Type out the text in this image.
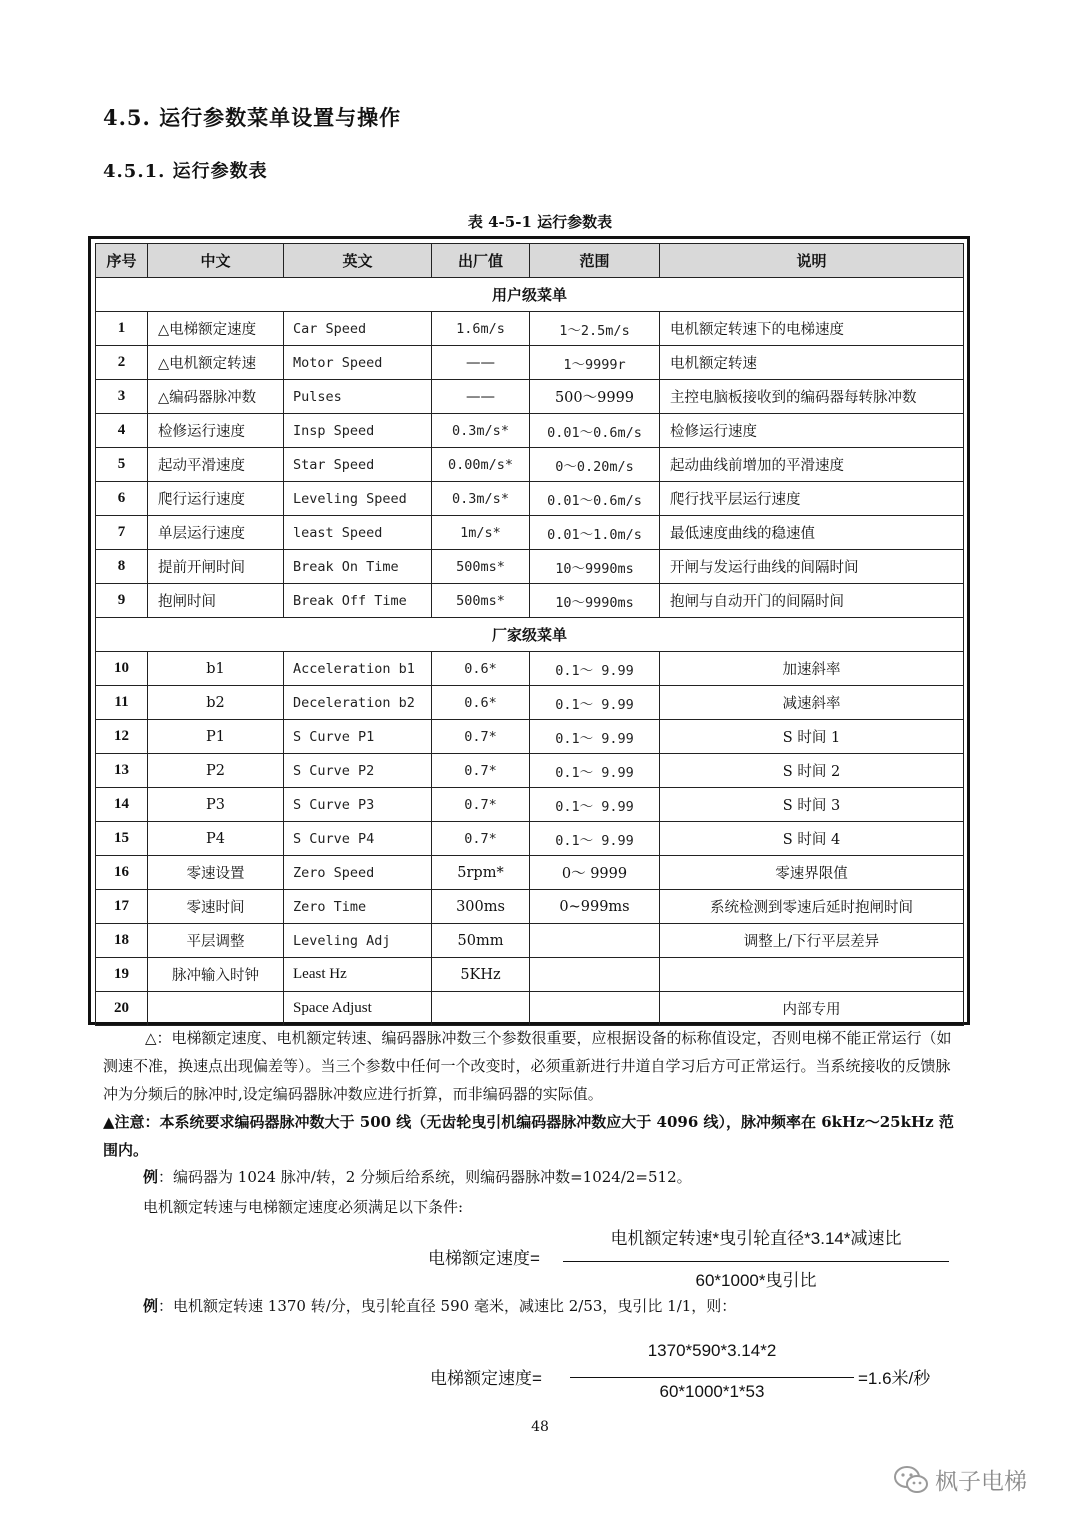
4.5. 运行参数菜单设置与操作
4.5.1. 运行参数表
表 4-5-1 运行参数表
序号	中文	英文	出厂值	范围	说明
用户级菜单					
1	△电梯额定速度	Car Speed	1.6m/s	1～2.5m/s	电机额定转速下的电梯速度
2	△电机额定转速	Motor Speed	——	1～9999r	电机额定转速
3	△编码器脉冲数	Pulses	——	500～9999	主控电脑板接收到的编码器每转脉冲数
4	检修运行速度	Insp Speed	0.3m/s*	0.01～0.6m/s	检修运行速度
5	起动平滑速度	Star Speed	0.00m/s*	0～0.20m/s	起动曲线前增加的平滑速度
6	爬行运行速度	Leveling Speed	0.3m/s*	0.01～0.6m/s	爬行找平层运行速度
7	单层运行速度	least Speed	1m/s*	0.01～1.0m/s	最低速度曲线的稳速值
8	提前开闸时间	Break On Time	500ms*	10～9990ms	开闸与发运行曲线的间隔时间
9	抱闸时间	Break Off Time	500ms*	10～9990ms	抱闸与自动开门的间隔时间
厂家级菜单					
10	b1	Acceleration b1	0.6*	0.1～ 9.99	加速斜率
11	b2	Deceleration b2	0.6*	0.1～ 9.99	减速斜率
12	P1	S Curve P1	0.7*	0.1～ 9.99	S 时间 1
13	P2	S Curve P2	0.7*	0.1～ 9.99	S 时间 2
14	P3	S Curve P3	0.7*	0.1～ 9.99	S 时间 3
15	P4	S Curve P4	0.7*	0.1～ 9.99	S 时间 4
16	零速设置	Zero Speed	5rpm*	0～ 9999	零速界限值
17	零速时间	Zero Time	300ms	0~999ms	系统检测到零速后延时抱闸时间
18	平层调整	Leveling Adj	50mm		调整上/下行平层差异
19	脉冲输入时钟	Least Hz	5KHz		
20		Space Adjust			内部专用
△：电梯额定速度、电机额定转速、编码器脉冲数三个参数很重要，应根据设备的标称值设定，否则电梯不能正常运行（如测速不准，换速点出现偏差等）。当三个参数中任何一个改变时，必须重新进行井道自学习后方可正常运行。当系统接收的反馈脉冲为分频后的脉冲时,设定编码器脉冲数应进行折算，而非编码器的实际值。
▲注意：本系统要求编码器脉冲数大于 500 线（无齿轮曳引机编码器脉冲数应大于 4096 线），脉冲频率在 6kHz～25kHz 范围内。
例：编码器为 1024 脉冲/转，2 分频后给系统，则编码器脉冲数=1024/2=512。
电机额定转速与电梯额定速度必须满足以下条件:
电梯额定速度=
电机额定转速*曳引轮直径*3.14*减速比
60*1000*曳引比
例：电机额定转速 1370 转/分，曳引轮直径 590 毫米，减速比 2/53，曳引比 1/1，则：
电梯额定速度=
1370*590*3.14*2
60*1000*1*53
=1.6米/秒
48
枫子电梯
